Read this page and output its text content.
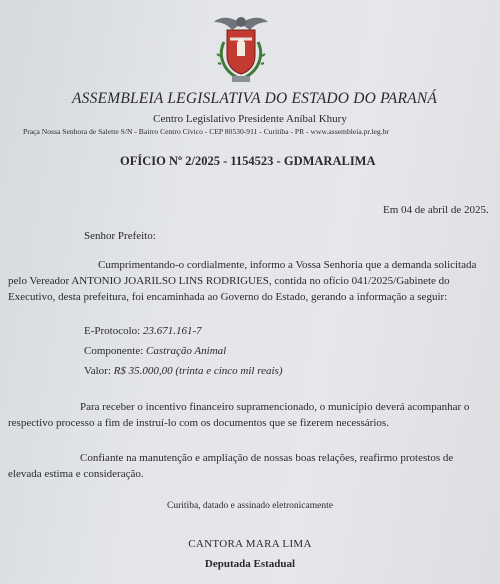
ASSEMBLEIA LEGISLATIVA DO ESTADO DO PARANÁ
Centro Legislativo Presidente Aníbal Khury
Praça Nossa Senhora de Salette S/N - Bairro Centro Cívico - CEP 80530-911 - Curitiba - PR - www.assembleia.pr.leg.br
OFÍCIO Nº 2/2025 - 1154523 - GDMARALIMA
Em 04 de abril de 2025.
Senhor Prefeito:

Cumprimentando-o cordialmente, informo a Vossa Senhoria que a demanda solicitada

pelo Vereador ANTONIO JOARILSO LINS RODRIGUES, contida no ofício 041/2025/Gabinete do

Executivo, desta prefeitura, foi encaminhada ao Governo do Estado, gerando a informação a seguir:

E-Protocolo: 23.671.161-7
Componente: Castração Animal
Valor: R$ 35.000,00 (trinta e cinco mil reais)

Para receber o incentivo financeiro supramencionado, o município deverá acompanhar o

respectivo processo a fim de instruí-lo com os documentos que se fizerem necessários.

Confiante na manutenção e ampliação de nossas boas relações, reafirmo protestos de

elevada estima e consideração.

Curitiba, datado e assinado eletronicamente
CANTORA MARA LIMA
Deputada Estadual
